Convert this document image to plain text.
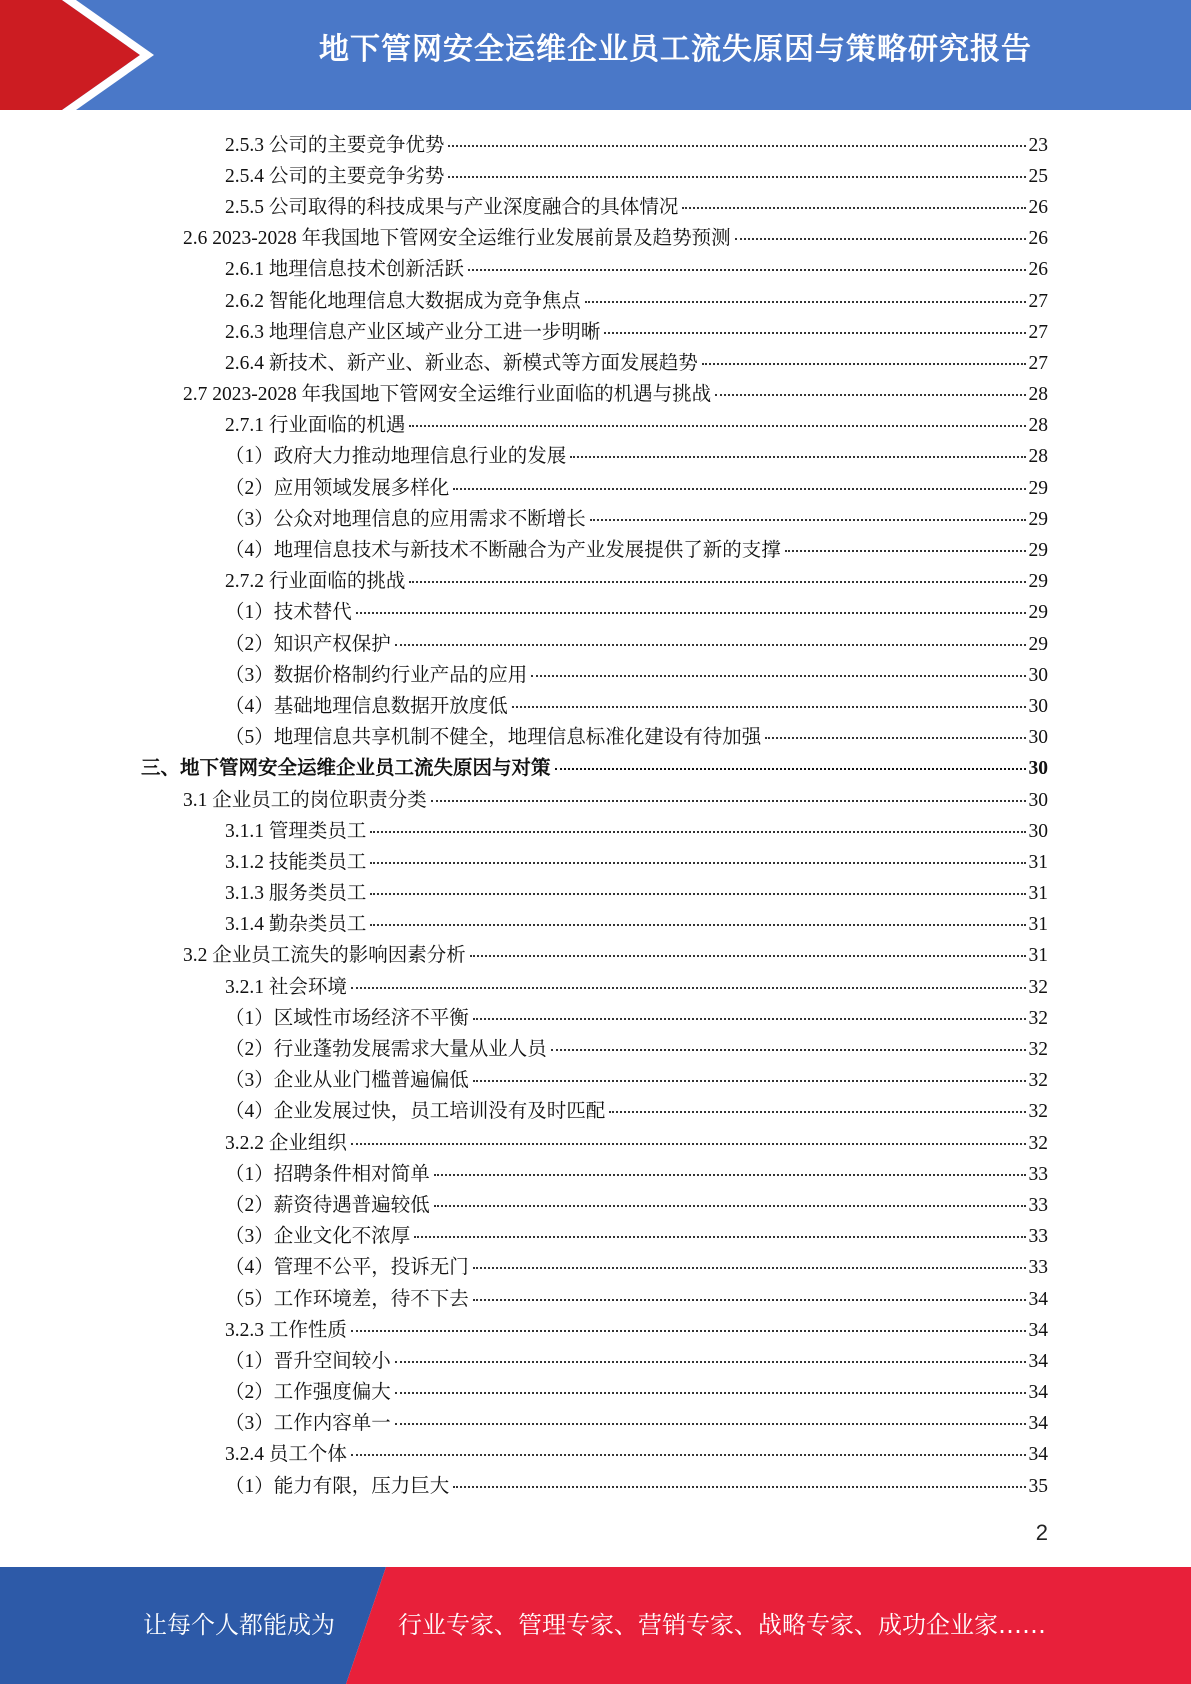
地下管网安全运维企业员工流失原因与策略研究报告
2.5.3 公司的主要竞争优势	23
2.5.4 公司的主要竞争劣势	25
2.5.5 公司取得的科技成果与产业深度融合的具体情况	26
2.6 2023-2028 年我国地下管网安全运维行业发展前景及趋势预测	26
2.6.1 地理信息技术创新活跃	26
2.6.2 智能化地理信息大数据成为竞争焦点	27
2.6.3 地理信息产业区域产业分工进一步明晰	27
2.6.4 新技术、新产业、新业态、新模式等方面发展趋势	27
2.7 2023-2028 年我国地下管网安全运维行业面临的机遇与挑战	28
2.7.1 行业面临的机遇	28
（1）政府大力推动地理信息行业的发展	28
（2）应用领域发展多样化	29
（3）公众对地理信息的应用需求不断增长	29
（4）地理信息技术与新技术不断融合为产业发展提供了新的支撑	29
2.7.2 行业面临的挑战	29
（1）技术替代	29
（2）知识产权保护	29
（3）数据价格制约行业产品的应用	30
（4）基础地理信息数据开放度低	30
（5）地理信息共享机制不健全，地理信息标准化建设有待加强	30
三、地下管网安全运维企业员工流失原因与对策	30
3.1 企业员工的岗位职责分类	30
3.1.1 管理类员工	30
3.1.2 技能类员工	31
3.1.3 服务类员工	31
3.1.4 勤杂类员工	31
3.2 企业员工流失的影响因素分析	31
3.2.1 社会环境	32
（1）区域性市场经济不平衡	32
（2）行业蓬勃发展需求大量从业人员	32
（3）企业从业门槛普遍偏低	32
（4）企业发展过快，员工培训没有及时匹配	32
3.2.2 企业组织	32
（1）招聘条件相对简单	33
（2）薪资待遇普遍较低	33
（3）企业文化不浓厚	33
（4）管理不公平，投诉无门	33
（5）工作环境差，待不下去	34
3.2.3 工作性质	34
（1）晋升空间较小	34
（2）工作强度偏大	34
（3）工作内容单一	34
3.2.4 员工个体	34
（1）能力有限，压力巨大	35
2
让每个人都能成为	行业专家、管理专家、营销专家、战略专家、成功企业家……
